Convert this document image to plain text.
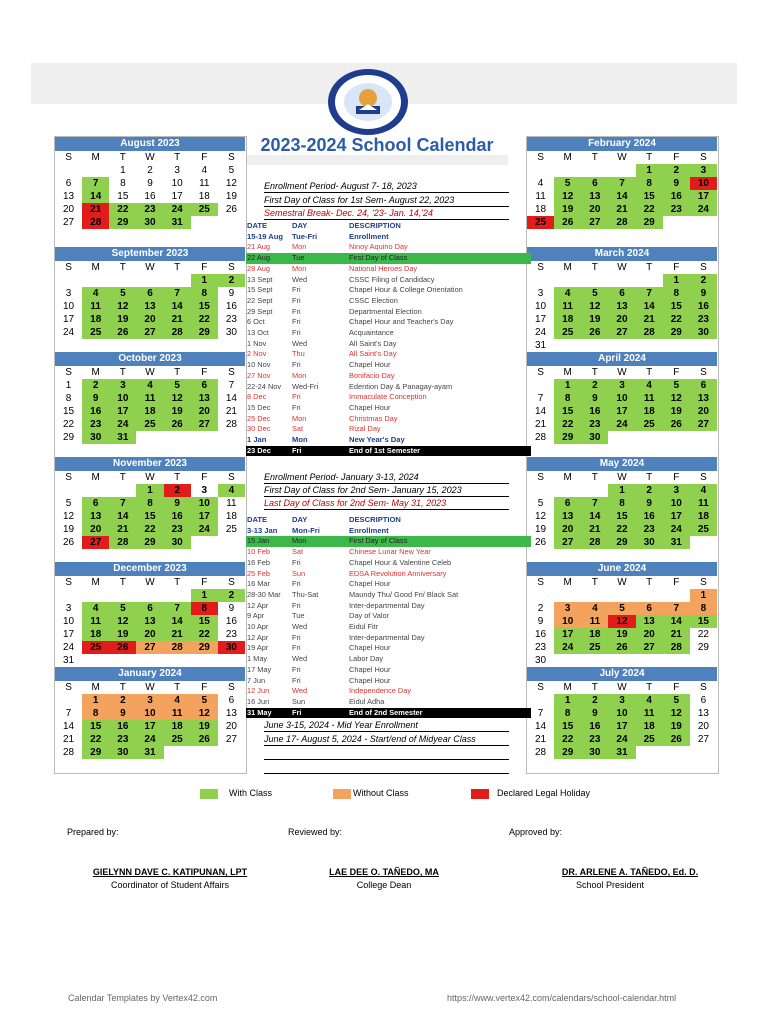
2023-2024 School Calendar
August 2023
S	M	T	W	T	F	S
		1	2	3	4	5
6	7	8	9	10	11	12
13	14	15	16	17	18	19
20	21	22	23	24	25	26
27	28	29	30	31		
September 2023
S	M	T	W	T	F	S
					1	2
3	4	5	6	7	8	9
10	11	12	13	14	15	16
17	18	19	20	21	22	23
24	25	26	27	28	29	30
October 2023
S	M	T	W	T	F	S
1	2	3	4	5	6	7
8	9	10	11	12	13	14
15	16	17	18	19	20	21
22	23	24	25	26	27	28
29	30	31				
November 2023
S	M	T	W	T	F	S
			1	2	3	4
5	6	7	8	9	10	11
12	13	14	15	16	17	18
19	20	21	22	23	24	25
26	27	28	29	30		
December 2023
S	M	T	W	T	F	S
					1	2
3	4	5	6	7	8	9
10	11	12	13	14	15	16
17	18	19	20	21	22	23
24	25	26	27	28	29	30
31						
January 2024
S	M	T	W	T	F	S
	1	2	3	4	5	6
7	8	9	10	11	12	13
14	15	16	17	18	19	20
21	22	23	24	25	26	27
28	29	30	31			
February 2024
S	M	T	W	T	F	S
				1	2	3
4	5	6	7	8	9	10
11	12	13	14	15	16	17
18	19	20	21	22	23	24
25	26	27	28	29		
March 2024
S	M	T	W	T	F	S
					1	2
3	4	5	6	7	8	9
10	11	12	13	14	15	16
17	18	19	20	21	22	23
24	25	26	27	28	29	30
31						
April 2024
S	M	T	W	T	F	S
	1	2	3	4	5	6
7	8	9	10	11	12	13
14	15	16	17	18	19	20
21	22	23	24	25	26	27
28	29	30				
May 2024
S	M	T	W	T	F	S
			1	2	3	4
5	6	7	8	9	10	11
12	13	14	15	16	17	18
19	20	21	22	23	24	25
26	27	28	29	30	31	
June 2024
S	M	T	W	T	F	S
						1
2	3	4	5	6	7	8
9	10	11	12	13	14	15
16	17	18	19	20	21	22
23	24	25	26	27	28	29
30						
July 2024
S	M	T	W	T	F	S
	1	2	3	4	5	6
7	8	9	10	11	12	13
14	15	16	17	18	19	20
21	22	23	24	25	26	27
28	29	30	31			
Enrollment Period- August 7- 18, 2023
First Day of Class for 1st Sem- August 22, 2023
Semestral Break- Dec. 24, '23- Jan. 14,'24
DATE	DAY	DESCRIPTION
15-19 Aug	Tue-Fri	Enrollment
21 Aug	Mon	Ninoy Aquino Day
22 Aug	Tue	First Day of Class
28 Aug	Mon	National Heroes Day
13 Sept	Wed	CSSC Filing of Candidacy
15 Sept	Fri	Chapel Hour & College Orientation
22 Sept	Fri	CSSC Election
29 Sept	Fri	Departmental Election
6 Oct	Fri	Chapel Hour and Teacher's Day
13 Oct	Fri	Acquaintance
1 Nov	Wed	All Saint's Day
2 Nov	Thu	All Saint's Day
10 Nov	Fri	Chapel Hour
27 Nov	Mon	Bonifacio Day
22-24 Nov	Wed-Fri	Edention Day & Panagay-ayam
8 Dec	Fri	Immaculate Conception
15 Dec	Fri	Chapel Hour
25 Dec	Mon	Christmas Day
30 Dec	Sat	Rizal Day
1 Jan	Mon	New Year's Day
23 Dec	Fri	End of 1st Semester
Enrollment Period- January 3-13, 2024
First Day of Class for 2nd Sem- January 15, 2023
Last Day of Class for 2nd Sem- May 31, 2023
DATE	DAY	DESCRIPTION
3-13 Jan	Mon-Fri	Enrollment
15 Jan	Mon	First Day of Class
10 Feb	Sat	Chinese Lunar New Year
16 Feb	Fri	Chapel Hour & Valentine Celeb
25 Feb	Sun	EDSA Revolution Anniversary
16 Mar	Fri	Chapel Hour
28-30 Mar	Thu-Sat	Maundy Thu/ Good Fri/ Black Sat
12 Apr	Fri	Inter-departmental Day
9 Apr	Tue	Day of Valor
10 Apr	Wed	Eidul Fitr
12 Apr	Fri	Inter-departmental Day
19 Apr	Fri	Chapel Hour
1 May	Wed	Labor Day
17 May	Fri	Chapel Hour
7 Jun	Fri	Chapel Hour
12 Jun	Wed	Independence Day
16 Jun	Sun	Eidul Adha
31 May	Fri	End of 2nd Semester
June 3-15, 2024 - Mid Year Enrollment
June 17- August 5, 2024 - Start/end of Midyear Class
With Class	Without Class	Declared Legal Holiday
Prepared by:	Reviewed by:	Approved by:
GIELYNN DAVE C. KATIPUNAN, LPT
Coordinator of Student Affairs
LAE DEE O. TAÑEDO, MA
College Dean
DR. ARLENE A. TAÑEDO, Ed. D.
School President
Calendar Templates by Vertex42.com	https://www.vertex42.com/calendars/school-calendar.html
